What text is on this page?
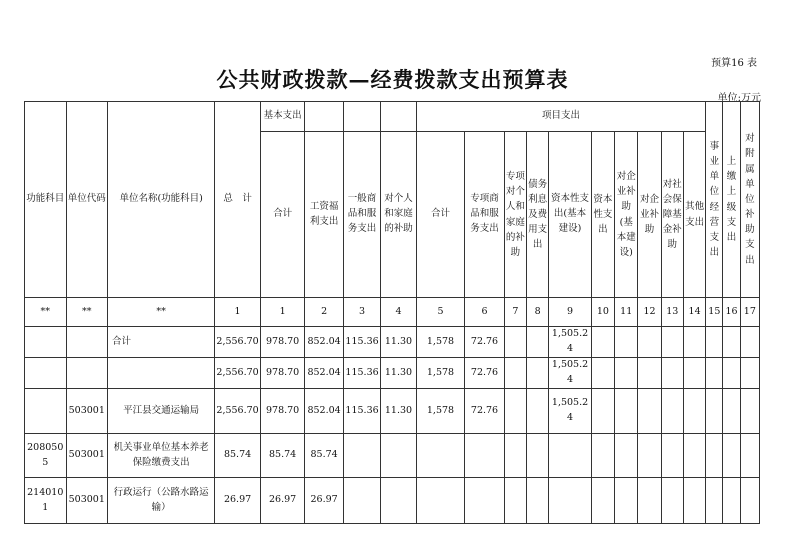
预算16 表
公共财政拨款—经费拨款支出预算表
单位:万元
功能科目	单位代码	单位名称(功能科目)	总　计	基本支出				项目支出										事业单位经营支出	上缴上级支出	对附属单位补助支出
				合计	工资福利支出	一般商品和服务支出	对个人和家庭的补助	合计	专项商品和服务支出	专项对个人和家庭的补助	债务利息及费用支出	资本性支出(基本建设)	资本性支出	对企业补助(基本建设)	对企业补助	对社会保障基金补助	其他支出			
**	**	**	1	1	2	3	4	5	6	7	8	9	10	11	12	13	14	15	16	17
		合计	2,556.70	978.70	852.04	115.36	11.30	1,578	72.76			1,505.24								
			2,556.70	978.70	852.04	115.36	11.30	1,578	72.76			1,505.24								
	503001	平江县交通运输局	2,556.70	978.70	852.04	115.36	11.30	1,578	72.76			1,505.24								
2080505	503001	机关事业单位基本养老保险缴费支出	85.74	85.74	85.74															
2140101	503001	行政运行（公路水路运输）	26.97	26.97	26.97															
